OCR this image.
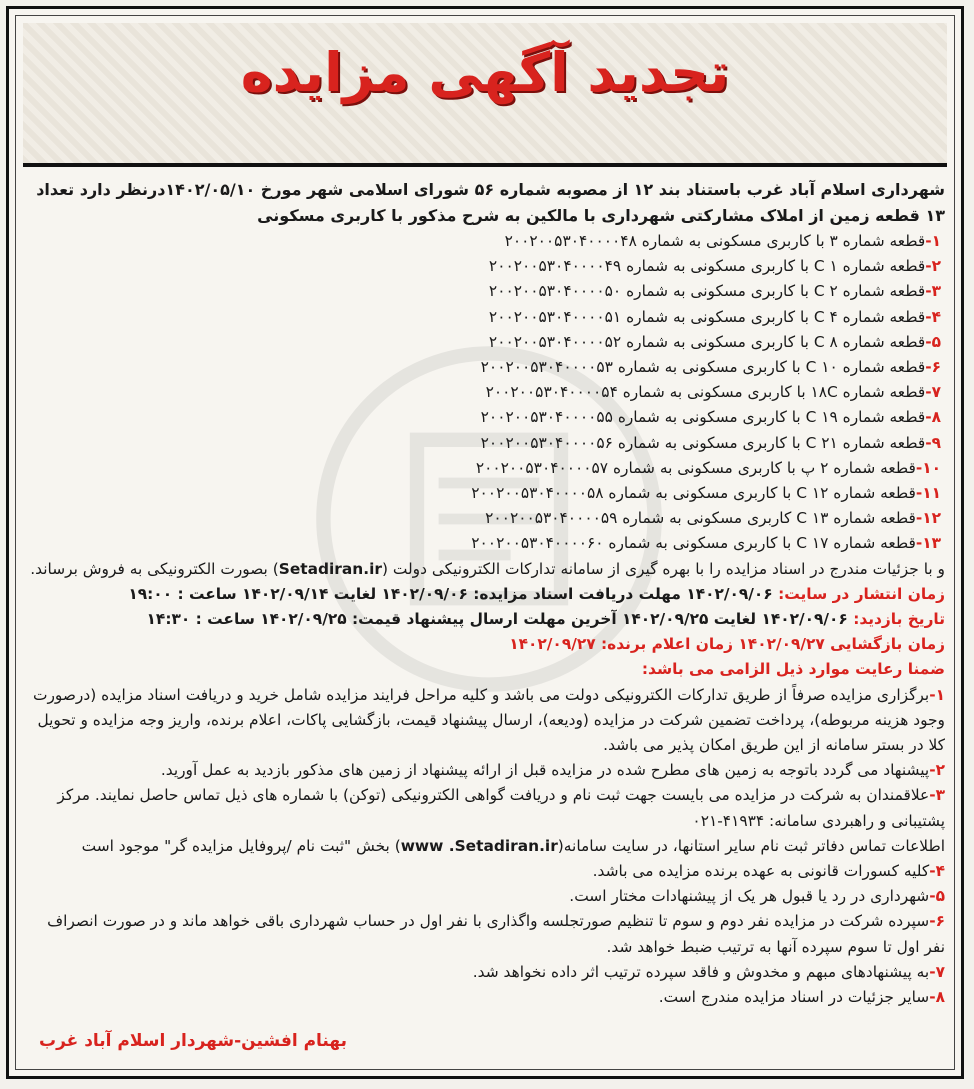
تجدید آگهی مزایده

شهرداری اسلام آباد غرب باستناد بند ۱۲ از مصوبه شماره ۵۶ شورای اسلامی شهر مورخ ۱۴۰۲/۰۵/۱۰درنظر دارد تعداد ۱۳ قطعه زمین از املاک مشارکتی شهرداری با مالکین به شرح مذکور با کاربری مسکونی

۱-قطعه شماره ۳ با کاربری مسکونی به شماره ۲۰۰۲۰۰۵۳۰۴۰۰۰۰۴۸

۲-قطعه شماره ۱ C با کاربری مسکونی به شماره ۲۰۰۲۰۰۵۳۰۴۰۰۰۰۴۹

۳-قطعه شماره ۲ C با کاربری مسکونی به شماره ۲۰۰۲۰۰۵۳۰۴۰۰۰۰۵۰

۴-قطعه شماره ۴ C با کاربری مسکونی به شماره ۲۰۰۲۰۰۵۳۰۴۰۰۰۰۵۱

۵-قطعه شماره ۸ C با کاربری مسکونی به شماره ۲۰۰۲۰۰۵۳۰۴۰۰۰۰۵۲

۶-قطعه شماره ۱۰ C با کاربری مسکونی به شماره ۲۰۰۲۰۰۵۳۰۴۰۰۰۰۵۳

۷-قطعه شماره ۱۸C با کاربری مسکونی به شماره ۲۰۰۲۰۰۵۳۰۴۰۰۰۰۵۴

۸-قطعه شماره ۱۹ C با کاربری مسکونی به شماره ۲۰۰۲۰۰۵۳۰۴۰۰۰۰۵۵

۹-قطعه شماره ۲۱ C با کاربری مسکونی به شماره ۲۰۰۲۰۰۵۳۰۴۰۰۰۰۵۶

۱۰-قطعه شماره ۲ پ با کاربری مسکونی به شماره ۲۰۰۲۰۰۵۳۰۴۰۰۰۰۵۷

۱۱-قطعه شماره ۱۲ C با کاربری مسکونی به شماره ۲۰۰۲۰۰۵۳۰۴۰۰۰۰۵۸

۱۲-قطعه شماره ۱۳ C کاربری مسکونی به شماره ۲۰۰۲۰۰۵۳۰۴۰۰۰۰۵۹

۱۳-قطعه شماره ۱۷ C با کاربری مسکونی به شماره ۲۰۰۲۰۰۵۳۰۴۰۰۰۰۶۰

و با جزئیات مندرج در اسناد مزایده را با بهره گیری از سامانه تدارکات الکترونیکی دولت (Setadiran.ir) بصورت الکترونیکی به فروش برساند.

زمان انتشار در سایت: ۱۴۰۲/۰۹/۰۶ مهلت دریافت اسناد مزایده: ۱۴۰۲/۰۹/۰۶ لغایت ۱۴۰۲/۰۹/۱۴ ساعت : ۱۹:۰۰

تاریخ بازدید: ۱۴۰۲/۰۹/۰۶ لغایت ۱۴۰۲/۰۹/۲۵ آخرین مهلت ارسال پیشنهاد قیمت: ۱۴۰۲/۰۹/۲۵ ساعت : ۱۴:۳۰

زمان بازگشایی ۱۴۰۲/۰۹/۲۷ زمان اعلام برنده: ۱۴۰۲/۰۹/۲۷

ضمنا رعایت موارد ذیل الزامی می باشد:

۱-برگزاری مزایده صرفاً از طریق تدارکات الکترونیکی دولت می باشد و کلیه مراحل فرایند مزایده شامل خرید و دریافت اسناد مزایده (درصورت وجود هزینه مربوطه)، پرداخت تضمین شرکت در مزایده (ودیعه)، ارسال پیشنهاد قیمت، بازگشایی پاکات، اعلام برنده، واریز وجه مزایده و تحویل کلا در بستر سامانه از این طریق امکان پذیر می باشد.

۲-پیشنهاد می گردد باتوجه به زمین های مطرح شده در مزایده قبل از ارائه پیشنهاد از زمین های مذکور بازدید به عمل آورید.

۳-علاقمندان به شرکت در مزایده می بایست جهت ثبت نام و دریافت گواهی الکترونیکی (توکن) با شماره های ذیل تماس حاصل نمایند. مرکز پشتیبانی و راهبردی سامانه: ۴۱۹۳۴-۰۲۱

اطلاعات تماس دفاتر ثبت نام سایر استانها، در سایت سامانه(www .Setadiran.ir) بخش "ثبت نام /پروفایل مزایده گر" موجود است

۴-کلیه کسورات قانونی به عهده برنده مزایده می باشد.

۵-شهرداری در رد یا قبول هر یک از پیشنهادات مختار است.

۶-سپرده شرکت در مزایده نفر دوم و سوم تا تنظیم صورتجلسه واگذاری با نفر اول در حساب شهرداری باقی خواهد ماند و در صورت انصراف نفر اول تا سوم سپرده آنها به ترتیب ضبط خواهد شد.

۷-به پیشنهادهای مبهم و مخدوش و فاقد سپرده ترتیب اثر داده نخواهد شد.

۸-سایر جزئیات در اسناد مزایده مندرج است.

بهنام افشین-شهردار اسلام آباد غرب
